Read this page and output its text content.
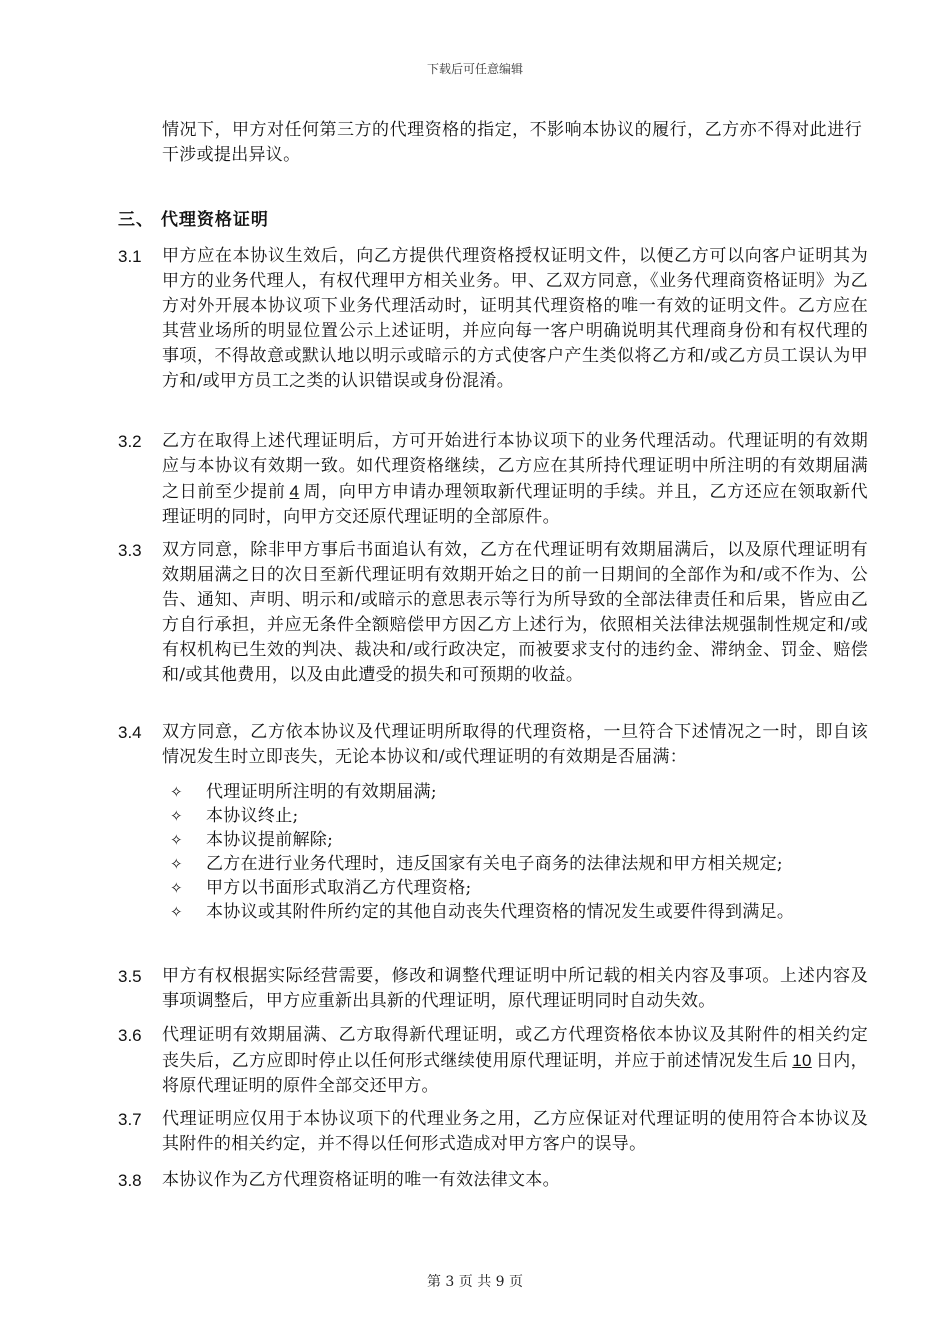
下载后可任意编辑
情况下，甲方对任何第三方的代理资格的指定，不影响本协议的履行，乙方亦不得对此进行干涉或提出异议。
三、 代理资格证明
3.1	甲方应在本协议生效后，向乙方提供代理资格授权证明文件，以便乙方可以向客户证明其为甲方的业务代理人，有权代理甲方相关业务。甲、乙双方同意，《业务代理商资格证明》为乙方对外开展本协议项下业务代理活动时，证明其代理资格的唯一有效的证明文件。乙方应在其营业场所的明显位置公示上述证明，并应向每一客户明确说明其代理商身份和有权代理的事项，不得故意或默认地以明示或暗示的方式使客户产生类似将乙方和/或乙方员工误认为甲方和/或甲方员工之类的认识错误或身份混淆。
3.2	乙方在取得上述代理证明后，方可开始进行本协议项下的业务代理活动。代理证明的有效期应与本协议有效期一致。如代理资格继续，乙方应在其所持代理证明中所注明的有效期届满之日前至少提前 4 周，向甲方申请办理领取新代理证明的手续。并且，乙方还应在领取新代理证明的同时，向甲方交还原代理证明的全部原件。
3.3	双方同意，除非甲方事后书面追认有效，乙方在代理证明有效期届满后，以及原代理证明有效期届满之日的次日至新代理证明有效期开始之日的前一日期间的全部作为和/或不作为、公告、通知、声明、明示和/或暗示的意思表示等行为所导致的全部法律责任和后果，皆应由乙方自行承担，并应无条件全额赔偿甲方因乙方上述行为，依照相关法律法规强制性规定和/或有权机构已生效的判决、裁决和/或行政决定，而被要求支付的违约金、滞纳金、罚金、赔偿和/或其他费用，以及由此遭受的损失和可预期的收益。
3.4	双方同意，乙方依本协议及代理证明所取得的代理资格，一旦符合下述情况之一时，即自该情况发生时立即丧失，无论本协议和/或代理证明的有效期是否届满：
✧	代理证明所注明的有效期届满;
✧	本协议终止;
✧	本协议提前解除;
✧	乙方在进行业务代理时，违反国家有关电子商务的法律法规和甲方相关规定;
✧	甲方以书面形式取消乙方代理资格;
✧	本协议或其附件所约定的其他自动丧失代理资格的情况发生或要件得到满足。
3.5	甲方有权根据实际经营需要，修改和调整代理证明中所记载的相关内容及事项。上述内容及事项调整后，甲方应重新出具新的代理证明，原代理证明同时自动失效。
3.6	代理证明有效期届满、乙方取得新代理证明，或乙方代理资格依本协议及其附件的相关约定丧失后，乙方应即时停止以任何形式继续使用原代理证明，并应于前述情况发生后 10 日内，将原代理证明的原件全部交还甲方。
3.7	代理证明应仅用于本协议项下的代理业务之用，乙方应保证对代理证明的使用符合本协议及其附件的相关约定，并不得以任何形式造成对甲方客户的误导。
3.8	本协议作为乙方代理资格证明的唯一有效法律文本。
第 3 页 共 9 页
